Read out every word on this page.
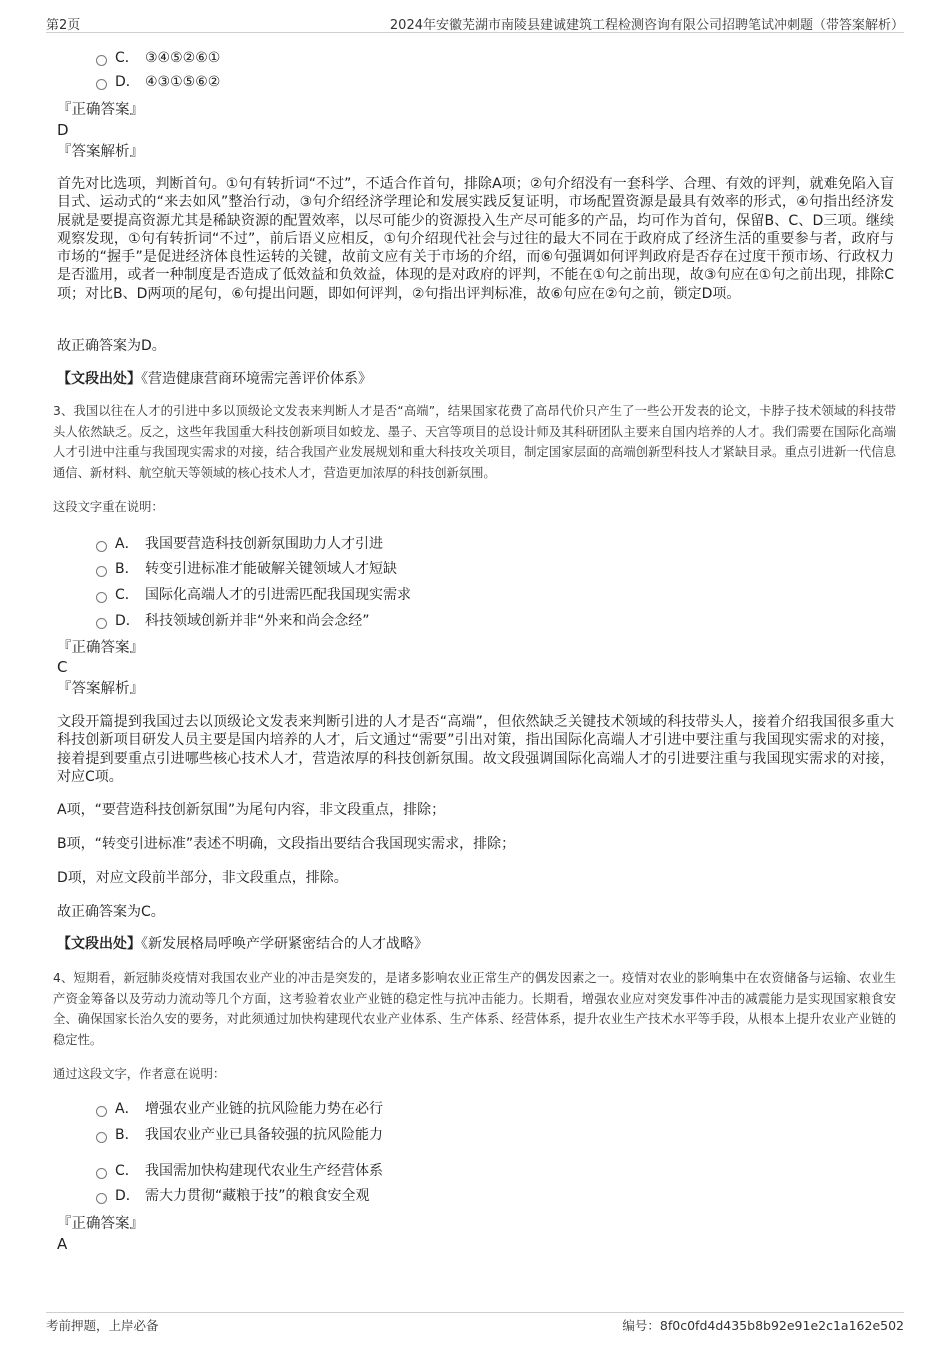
第2页	2024年安徽芜湖市南陵县建诚建筑工程检测咨询有限公司招聘笔试冲刺题（带答案解析）
C． ③④⑤②⑥①
D． ④③①⑤⑥②
『正确答案』
D
『答案解析』
首先对比选项，判断首句。①句有转折词“不过”，不适合作首句，排除A项；②句介绍没有一套科学、合理、有效的评判，就难免陷入盲目式、运动式的“来去如风”整治行动，③句介绍经济学理论和发展实践反复证明，市场配置资源是最具有效率的形式，④句指出经济发展就是要提高资源尤其是稀缺资源的配置效率，以尽可能少的资源投入生产尽可能多的产品，均可作为首句，保留B、C、D三项。继续观察发现，①句有转折词“不过”，前后语义应相反，①句介绍现代社会与过往的最大不同在于政府成了经济生活的重要参与者，政府与市场的“握手”是促进经济体良性运转的关键，故前文应有关于市场的介绍，而⑥句强调如何评判政府是否存在过度干预市场、行政权力是否滥用，或者一种制度是否造成了低效益和负效益，体现的是对政府的评判，不能在①句之前出现，故③句应在①句之前出现，排除C项；对比B、D两项的尾句，⑥句提出问题，即如何评判，②句指出评判标准，故⑥句应在②句之前，锁定D项。
故正确答案为D。
【文段出处】《营造健康营商环境需完善评价体系》
3、我国以往在人才的引进中多以顶级论文发表来判断人才是否“高端”，结果国家花费了高昂代价只产生了一些公开发表的论文，卡脖子技术领域的科技带头人依然缺乏。反之，这些年我国重大科技创新项目如蛟龙、墨子、天宫等项目的总设计师及其科研团队主要来自国内培养的人才。我们需要在国际化高端人才引进中注重与我国现实需求的对接，结合我国产业发展规划和重大科技攻关项目，制定国家层面的高端创新型科技人才紧缺目录。重点引进新一代信息通信、新材料、航空航天等领域的核心技术人才，营造更加浓厚的科技创新氛围。
这段文字重在说明：
A． 我国要营造科技创新氛围助力人才引进
B． 转变引进标准才能破解关键领域人才短缺
C． 国际化高端人才的引进需匹配我国现实需求
D． 科技领域创新并非“外来和尚会念经”
『正确答案』
C
『答案解析』
文段开篇提到我国过去以顶级论文发表来判断引进的人才是否“高端”，但依然缺乏关键技术领域的科技带头人，接着介绍我国很多重大科技创新项目研发人员主要是国内培养的人才，后文通过“需要”引出对策，指出国际化高端人才引进中要注重与我国现实需求的对接，接着提到要重点引进哪些核心技术人才，营造浓厚的科技创新氛围。故文段强调国际化高端人才的引进要注重与我国现实需求的对接，对应C项。
A项，“要营造科技创新氛围”为尾句内容，非文段重点，排除；
B项，“转变引进标准”表述不明确，文段指出要结合我国现实需求，排除；
D项，对应文段前半部分，非文段重点，排除。
故正确答案为C。
【文段出处】《新发展格局呼唤产学研紧密结合的人才战略》
4、短期看，新冠肺炎疫情对我国农业产业的冲击是突发的，是诸多影响农业正常生产的偶发因素之一。疫情对农业的影响集中在农资储备与运输、农业生产资金筹备以及劳动力流动等几个方面，这考验着农业产业链的稳定性与抗冲击能力。长期看，增强农业应对突发事件冲击的减震能力是实现国家粮食安全、确保国家长治久安的要务，对此须通过加快构建现代农业产业体系、生产体系、经营体系，提升农业生产技术水平等手段，从根本上提升农业产业链的稳定性。
通过这段文字，作者意在说明：
A． 增强农业产业链的抗风险能力势在必行
B． 我国农业产业已具备较强的抗风险能力
C． 我国需加快构建现代农业生产经营体系
D． 需大力贯彻“藏粮于技”的粮食安全观
『正确答案』
A
考前押题，上岸必备	编号：8f0c0fd4d435b8b92e91e2c1a162e502
